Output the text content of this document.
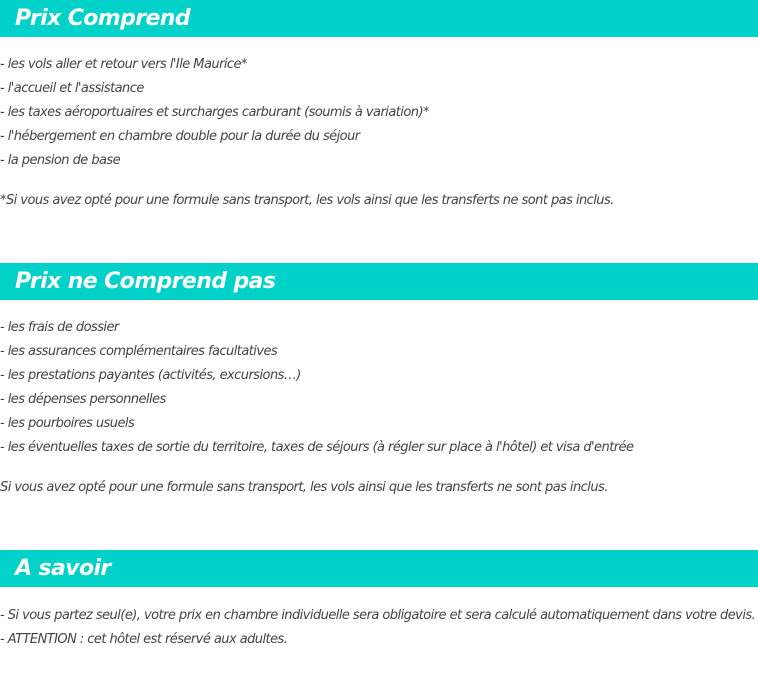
Prix Comprend
- les vols aller et retour vers l'Ile Maurice*
- l'accueil et l'assistance
- les taxes aéroportuaires et surcharges carburant (soumis à variation)*
- l'hébergement en chambre double pour la durée du séjour
- la pension de base
*Si vous avez opté pour une formule sans transport, les vols ainsi que les transferts ne sont pas inclus.
Prix ne Comprend pas
- les frais de dossier
- les assurances complémentaires facultatives
- les prestations payantes (activités, excursions…)
- les dépenses personnelles
- les pourboires usuels
- les éventuelles taxes de sortie du territoire, taxes de séjours (à régler sur place à l'hôtel) et visa d'entrée
Si vous avez opté pour une formule sans transport, les vols ainsi que les transferts ne sont pas inclus.
A savoir
- Si vous partez seul(e), votre prix en chambre individuelle sera obligatoire et sera calculé automatiquement dans votre devis.
- ATTENTION : cet hôtel est réservé aux adultes.
